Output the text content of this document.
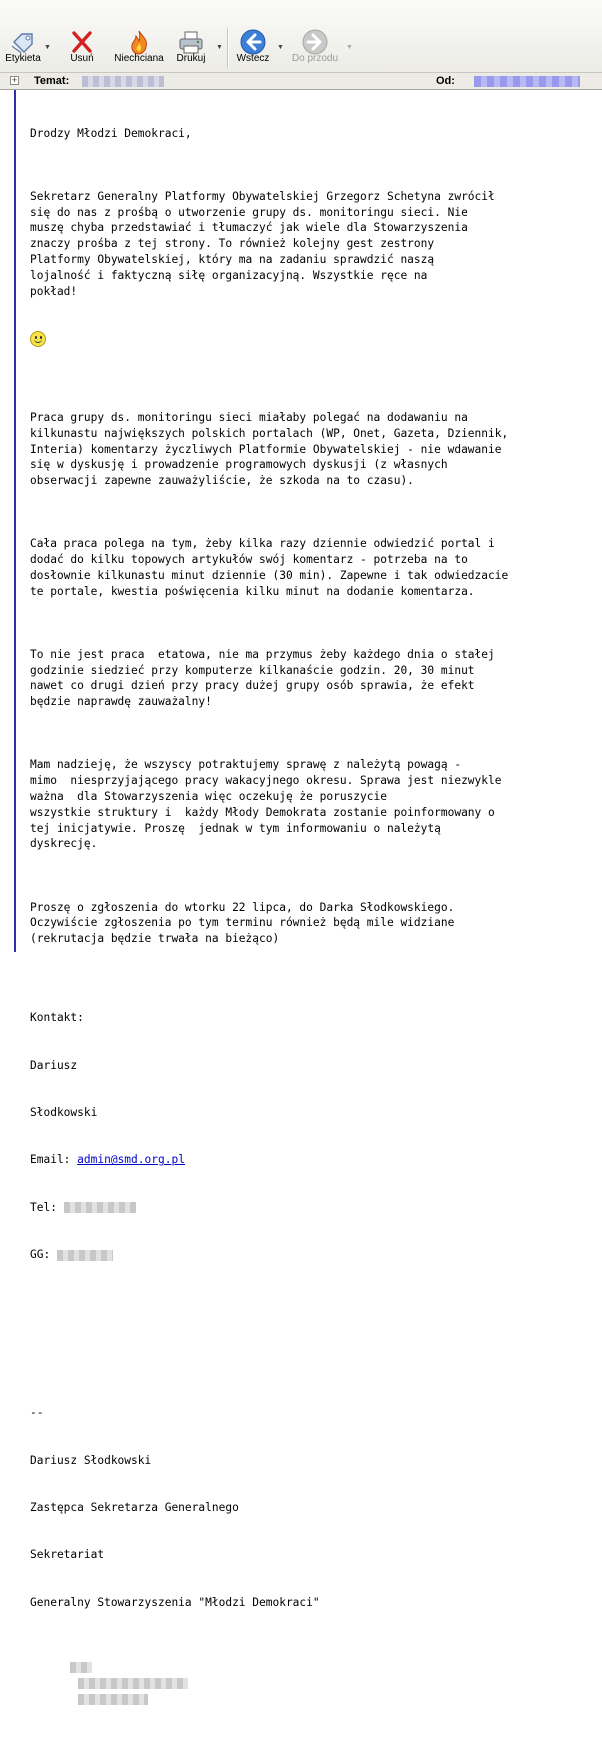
Etykieta
▼
Usuń	Niechciana	Drukuj
▼
Wstecz
▼
Do przodu
▼
+ Temat:	Od:

Drodzy Młodzi Demokraci,

Sekretarz Generalny Platformy Obywatelskiej Grzegorz Schetyna zwrócił
się do nas z prośbą o utworzenie grupy ds. monitoringu sieci. Nie
muszę chyba przedstawiać i tłumaczyć jak wiele dla Stowarzyszenia
znaczy prośba z tej strony. To również kolejny gest zestrony
Platformy Obywatelskiej, który ma na zadaniu sprawdzić naszą
lojalność i faktyczną siłę organizacyjną. Wszystkie ręce na
pokład!

Praca grupy ds. monitoringu sieci miałaby polegać na dodawaniu na
kilkunastu największych polskich portalach (WP, Onet, Gazeta, Dziennik,
Interia) komentarzy życzliwych Platformie Obywatelskiej - nie wdawanie
się w dyskusję i prowadzenie programowych dyskusji (z własnych
obserwacji zapewne zauważyliście, że szkoda na to czasu).

Cała praca polega na tym, żeby kilka razy dziennie odwiedzić portal i
dodać do kilku topowych artykułów swój komentarz - potrzeba na to
dosłownie kilkunastu minut dziennie (30 min). Zapewne i tak odwiedzacie
te portale, kwestia poświęcenia kilku minut na dodanie komentarza.

To nie jest praca  etatowa, nie ma przymus żeby każdego dnia o stałej
godzinie siedzieć przy komputerze kilkanaście godzin. 20, 30 minut
nawet co drugi dzień przy pracy dużej grupy osób sprawia, że efekt
będzie naprawdę zauważalny!

Mam nadzieję, że wszyscy potraktujemy sprawę z należytą powagą -
mimo  niesprzyjającego pracy wakacyjnego okresu. Sprawa jest niezwykle
ważna  dla Stowarzyszenia więc oczekuję że poruszycie
wszystkie struktury i  każdy Młody Demokrata zostanie poinformowany o
tej inicjatywie. Proszę  jednak w tym informowaniu o należytą
dyskrecję.

Proszę o zgłoszenia do wtorku 22 lipca, do Darka Słodkowskiego.
Oczywiście zgłoszenia po tym terminu również będą mile widziane
(rekrutacja będzie trwała na bieżąco)

Kontakt:

Dariusz

Słodkowski

Email: admin@smd.org.pl

Tel:

GG:

--

Dariusz Słodkowski

Zastępca Sekretarza Generalnego

Sekretariat

Generalny Stowarzyszenia "Młodzi Demokraci"
